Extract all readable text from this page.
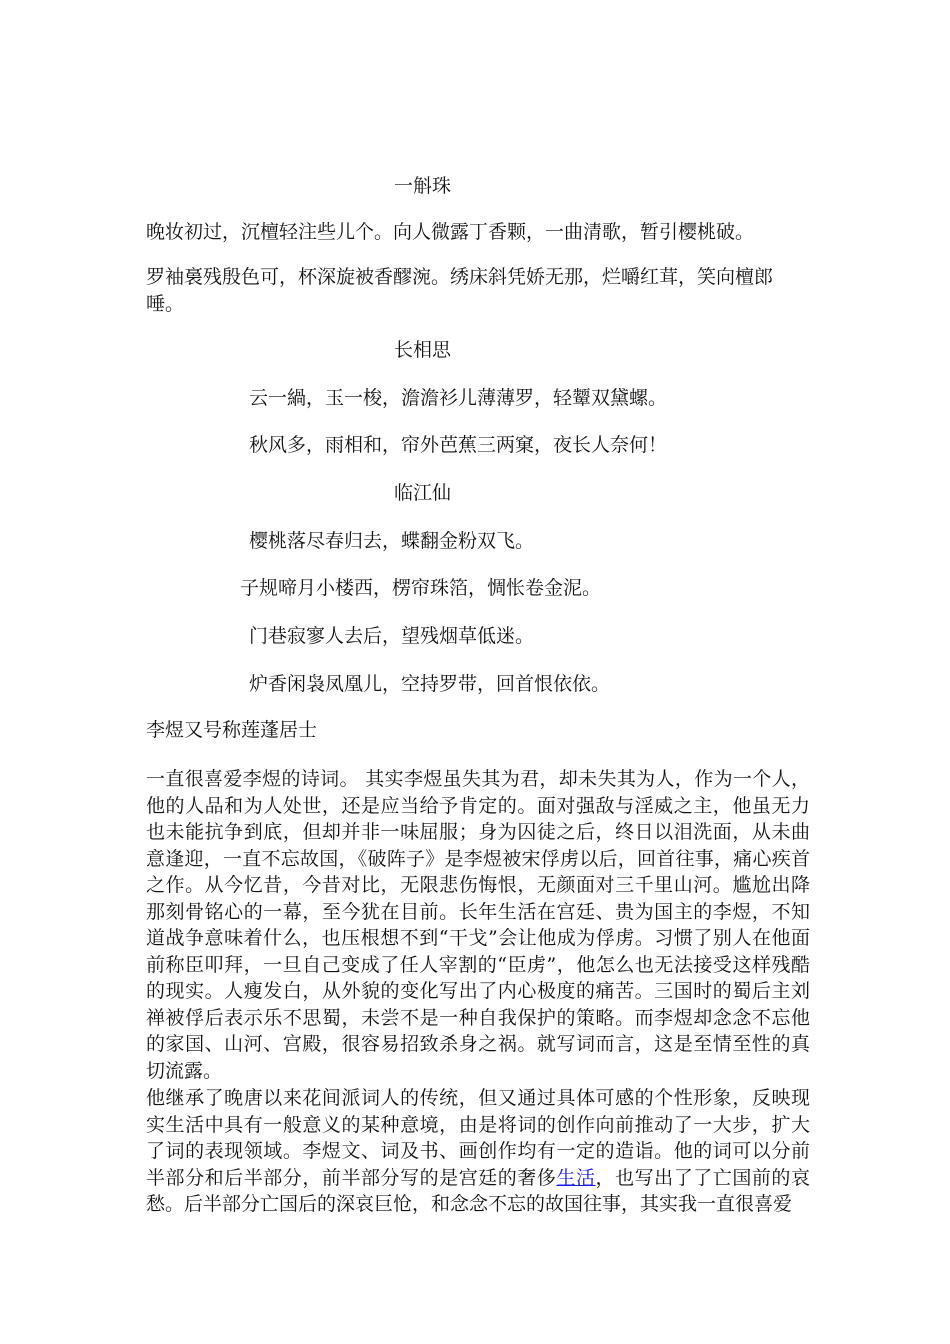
一斛珠

晚妆初过，沉檀轻注些儿个。向人微露丁香颗，一曲清歌，暂引樱桃破。

罗袖裛残殷色可，杯深旋被香醪涴。绣床斜凭娇无那，烂嚼红茸，笑向檀郎唾。

长相思

云一緺，玉一梭，澹澹衫儿薄薄罗，轻颦双黛螺。

秋风多，雨相和，帘外芭蕉三两窠，夜长人奈何！

临江仙

樱桃落尽春归去，蝶翻金粉双飞。

子规啼月小楼西，楞帘珠箔，惆怅卷金泥。

门巷寂寥人去后，望残烟草低迷。

炉香闲袅凤凰儿，空持罗带，回首恨依依。

李煜又号称莲蓬居士

一直很喜爱李煜的诗词。 其实李煜虽失其为君，却未失其为人，作为一个人，他的人品和为人处世，还是应当给予肯定的。面对强敌与淫威之主，他虽无力也未能抗争到底，但却并非一味屈服；身为囚徒之后，终日以泪洗面，从未曲意逢迎，一直不忘故国，《破阵子》是李煜被宋俘虏以后，回首往事，痛心疾首之作。从今忆昔，今昔对比，无限悲伤悔恨，无颜面对三千里山河。尴尬出降那刻骨铭心的一幕，至今犹在目前。长年生活在宫廷、贵为国主的李煜，不知道战争意味着什么，也压根想不到“干戈”会让他成为俘虏。习惯了别人在他面前称臣叩拜，一旦自己变成了任人宰割的“臣虏”，他怎么也无法接受这样残酷的现实。人瘦发白，从外貌的变化写出了内心极度的痛苦。三国时的蜀后主刘禅被俘后表示乐不思蜀，未尝不是一种自我保护的策略。而李煜却念念不忘他的家国、山河、宫殿，很容易招致杀身之祸。就写词而言，这是至情至性的真切流露。

他继承了晚唐以来花间派词人的传统，但又通过具体可感的个性形象，反映现实生活中具有一般意义的某种意境，由是将词的创作向前推动了一大步，扩大了词的表现领域。李煜文、词及书、画创作均有一定的造诣。他的词可以分前半部分和后半部分，前半部分写的是宫廷的奢侈生活，也写出了了亡国前的哀愁。后半部分亡国后的深哀巨怆，和念念不忘的故国往事，其实我一直很喜爱
